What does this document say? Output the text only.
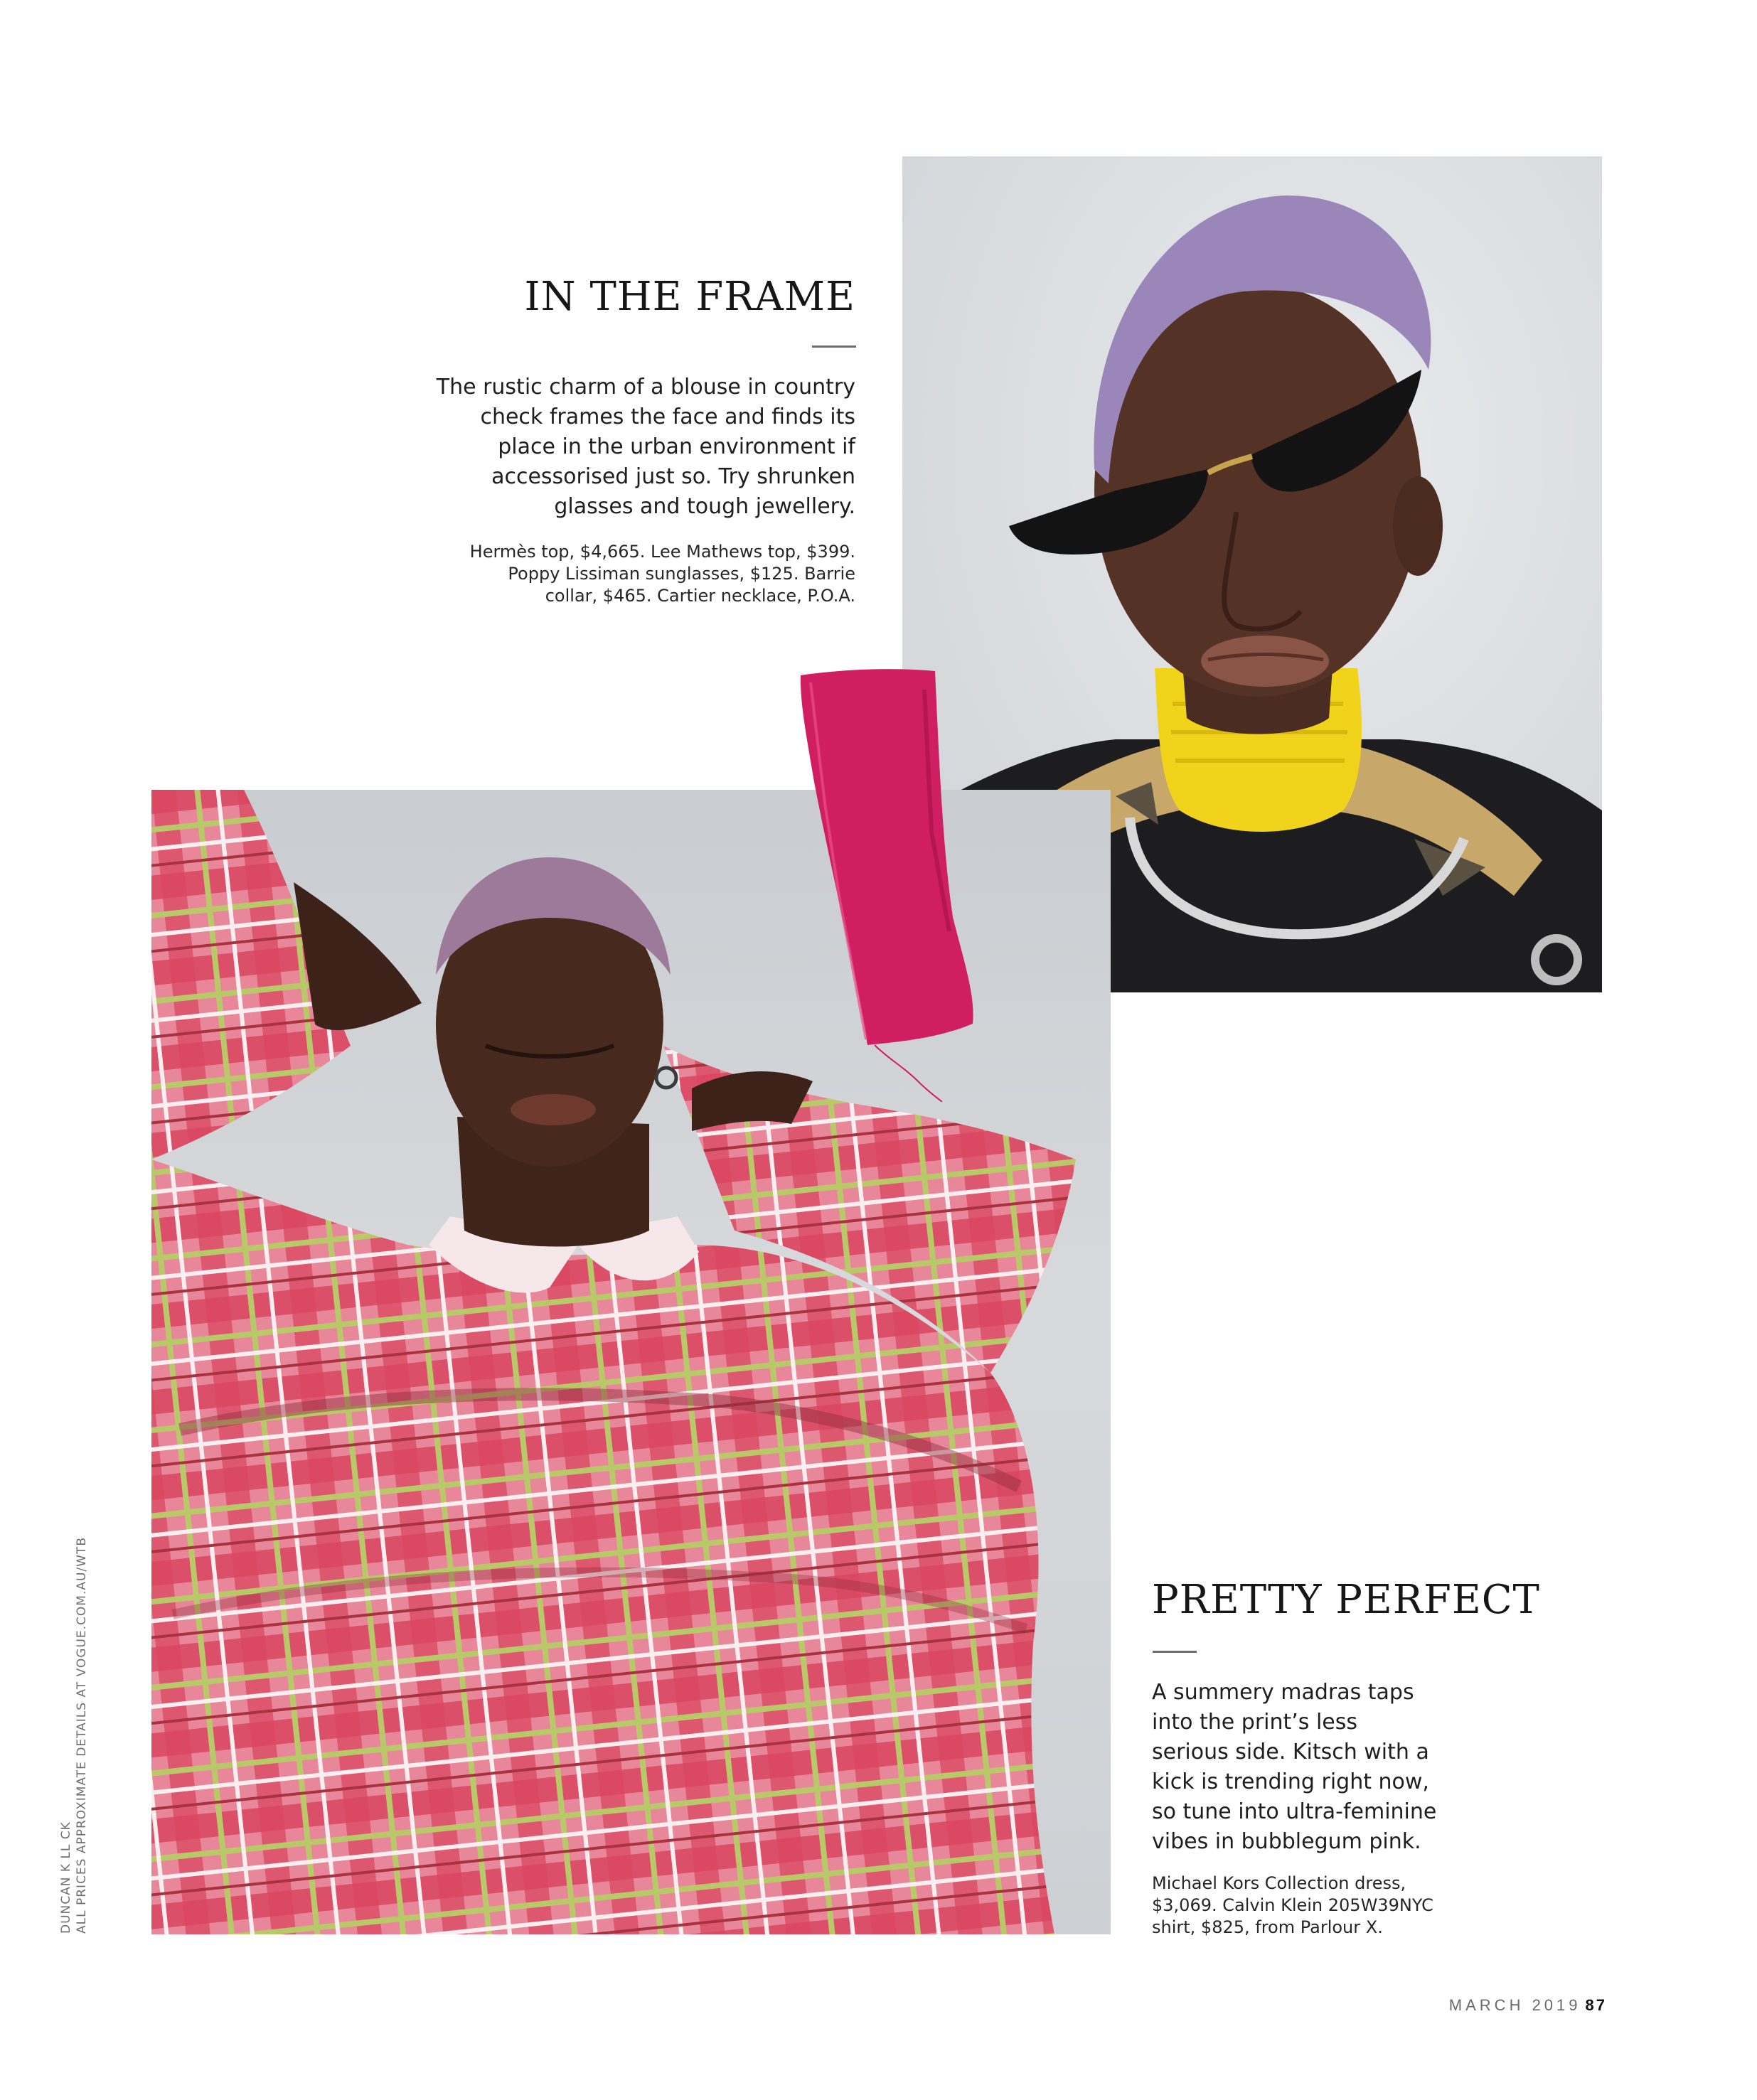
IN THE FRAME
The rustic charm of a blouse in country
check frames the face and finds its
place in the urban environment if
accessorised just so. Try shrunken
glasses and tough jewellery.
Hermès top, $4,665. Lee Mathews top, $399.
Poppy Lissiman sunglasses, $125. Barrie
collar, $465. Cartier necklace, P.O.A.
PRETTY PERFECT
A summery madras taps
into the print’s less
serious side. Kitsch with a
kick is trending right now,
so tune into ultra-feminine
vibes in bubblegum pink.
Michael Kors Collection dress,
$3,069. Calvin Klein 205W39NYC
shirt, $825, from Parlour X.
DUNCAN K LL CK ALL PRICES APPROXIMATE DETAILS AT VOGUE.COM.AU/WTB
MARCH 2019 87
